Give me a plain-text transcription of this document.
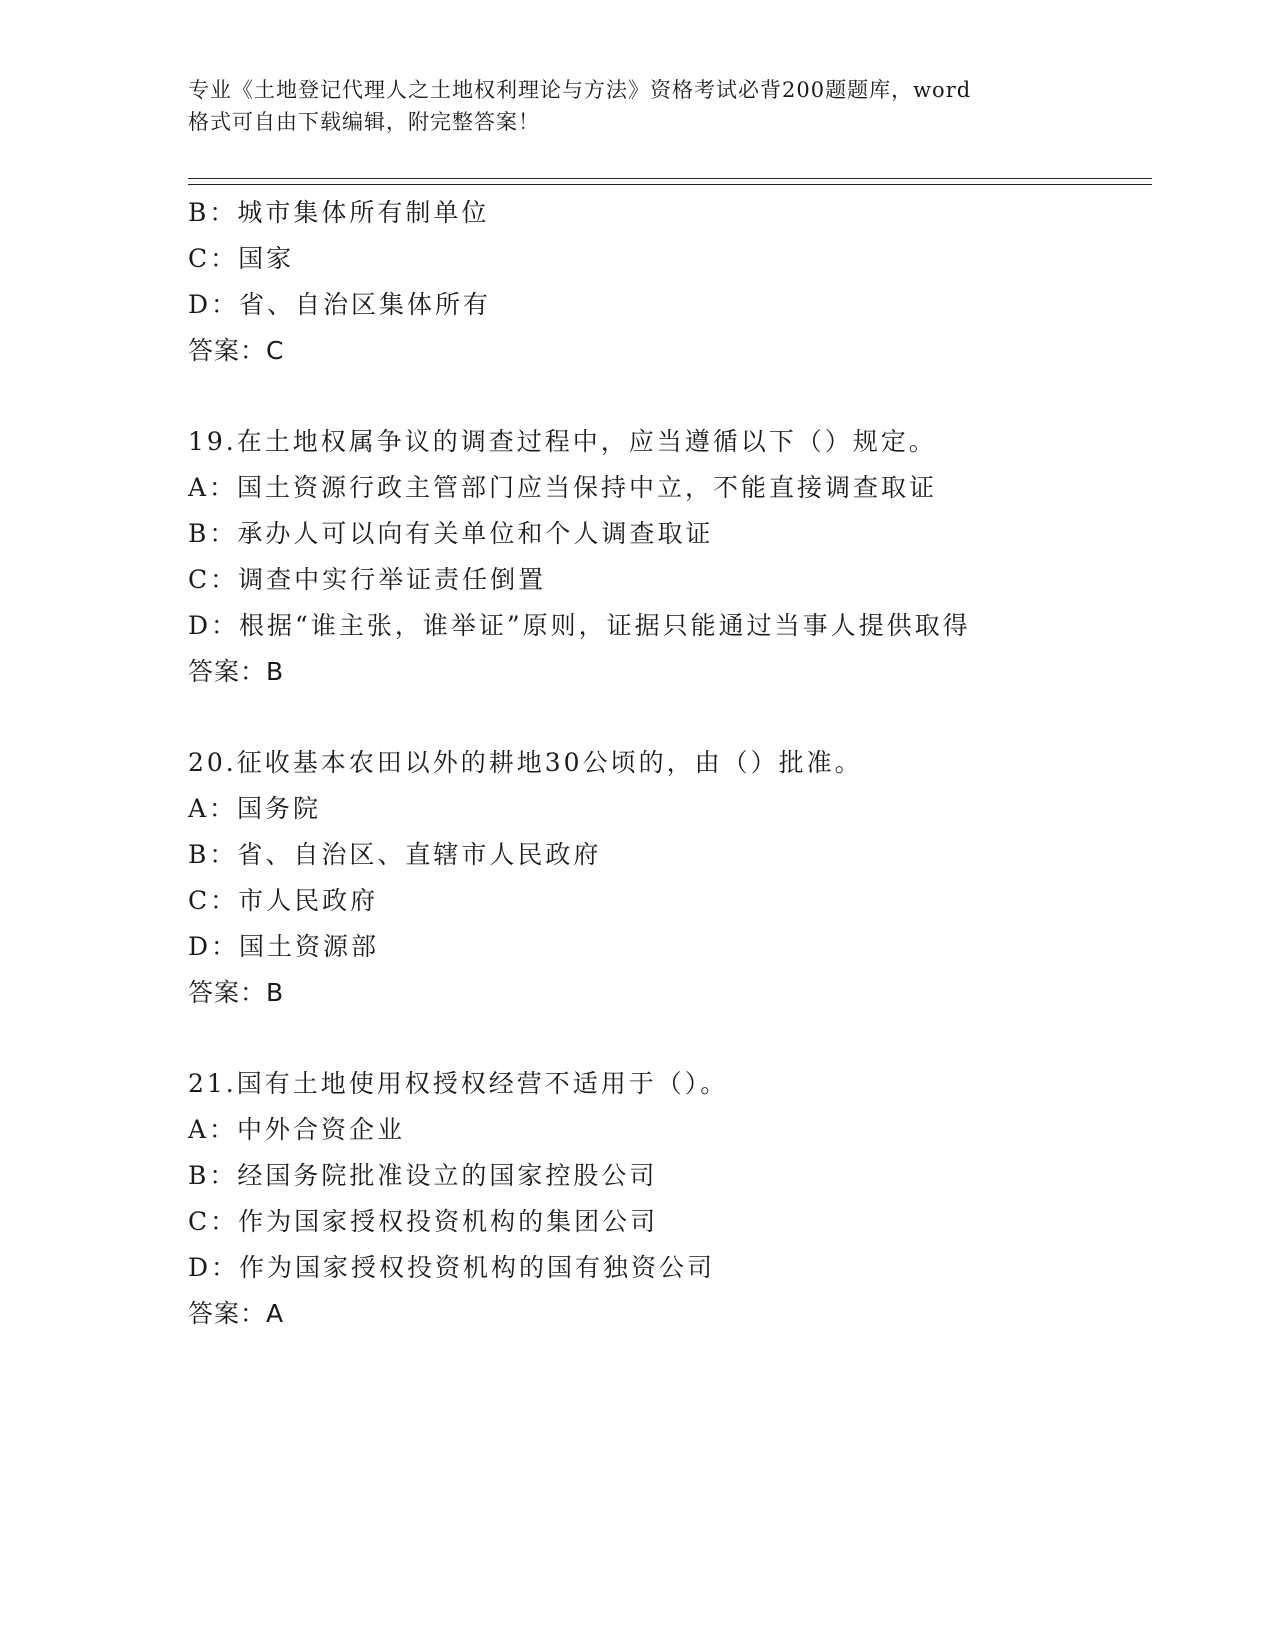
专业《土地登记代理人之土地权利理论与方法》资格考试必背200题题库，word
格式可自由下载编辑，附完整答案！
B：城市集体所有制单位
C：国家
D：省、自治区集体所有
答案：C
19.在土地权属争议的调查过程中，应当遵循以下（）规定。
A：国土资源行政主管部门应当保持中立，不能直接调查取证
B：承办人可以向有关单位和个人调查取证
C：调查中实行举证责任倒置
D：根据“谁主张，谁举证”原则，证据只能通过当事人提供取得
答案：B
20.征收基本农田以外的耕地30公顷的，由（）批准。
A：国务院
B：省、自治区、直辖市人民政府
C：市人民政府
D：国土资源部
答案：B
21.国有土地使用权授权经营不适用于（）。
A：中外合资企业
B：经国务院批准设立的国家控股公司
C：作为国家授权投资机构的集团公司
D：作为国家授权投资机构的国有独资公司
答案：A
